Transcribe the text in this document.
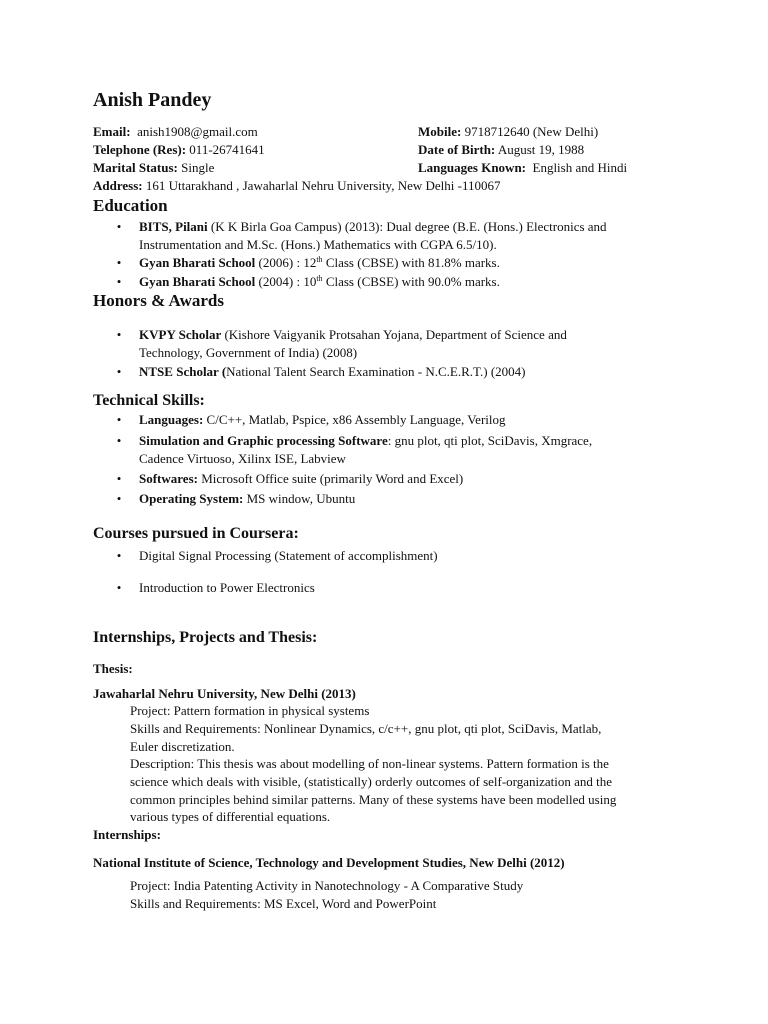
Anish Pandey
Email: anish1908@gmail.com	Mobile: 9718712640 (New Delhi)
Telephone (Res): 011-26741641	Date of Birth: August 19, 1988
Marital Status: Single	Languages Known: English and Hindi
Address: 161 Uttarakhand , Jawaharlal Nehru University, New Delhi -110067
Education
•	BITS, Pilani (K K Birla Goa Campus) (2013): Dual degree (B.E. (Hons.) Electronics and
Instrumentation and M.Sc. (Hons.) Mathematics with CGPA 6.5/10).
•	Gyan Bharati School (2006) : 12th Class (CBSE) with 81.8% marks.
•	Gyan Bharati School (2004) : 10th Class (CBSE) with 90.0% marks.
Honors & Awards
•	KVPY Scholar (Kishore Vaigyanik Protsahan Yojana, Department of Science and
Technology, Government of India) (2008)
•	NTSE Scholar (National Talent Search Examination - N.C.E.R.T.) (2004)
Technical Skills:
•	Languages: C/C++, Matlab, Pspice, x86 Assembly Language, Verilog
•	Simulation and Graphic processing Software: gnu plot, qti plot, SciDavis, Xmgrace,
Cadence Virtuoso, Xilinx ISE, Labview
•	Softwares: Microsoft Office suite (primarily Word and Excel)
•	Operating System: MS window, Ubuntu
Courses pursued in Coursera:
•	Digital Signal Processing (Statement of accomplishment)
•	Introduction to Power Electronics
Internships, Projects and Thesis:
Thesis:
Jawaharlal Nehru University, New Delhi (2013)
Project: Pattern formation in physical systems
Skills and Requirements: Nonlinear Dynamics, c/c++, gnu plot, qti plot, SciDavis, Matlab,
Euler discretization.
Description: This thesis was about modelling of non-linear systems. Pattern formation is the
science which deals with visible, (statistically) orderly outcomes of self-organization and the
common principles behind similar patterns. Many of these systems have been modelled using
various types of differential equations.
Internships:
National Institute of Science, Technology and Development Studies, New Delhi (2012)
Project: India Patenting Activity in Nanotechnology - A Comparative Study
Skills and Requirements: MS Excel, Word and PowerPoint
